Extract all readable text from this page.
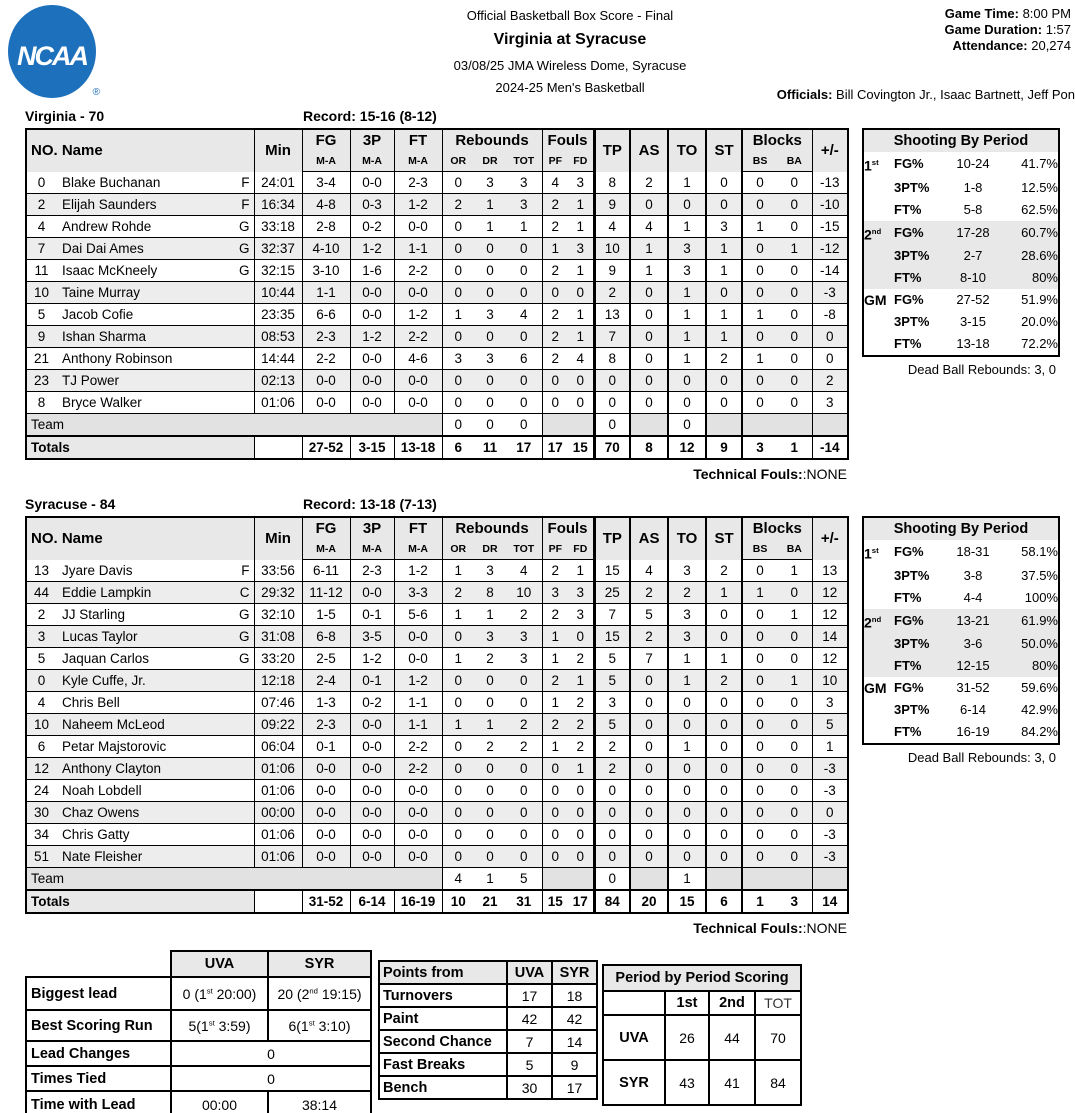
NCAA
®
Official Basketball Box Score - Final
Virginia at Syracuse
03/08/25 JMA Wireless Dome, Syracuse
2024-25 Men's Basketball
Game Time: 8:00 PM
Game Duration: 1:57
Attendance: 20,274
Officials: Bill Covington Jr., Isaac Bartnett, Jeff Pon
Virginia - 70	Record: 15-16 (8-12)
NO. Name		Min	FG	3P	FT	Rebounds			Fouls		TP	AS	TO	ST	Blocks		+/-
			M-A	M-A	M-A	OR	DR	TOT	PF	FD					BS	BA	
0	Blake Buchanan F	24:01	3-4	0-0	2-3	0	3	3	4	3	8	2	1	0	0	0	-13
2	Elijah Saunders F	16:34	4-8	0-3	1-2	2	1	3	2	1	9	0	0	0	0	0	-10
4	Andrew Rohde G	33:18	2-8	0-2	0-0	0	1	1	2	1	4	4	1	3	1	0	-15
7	Dai Dai Ames G	32:37	4-10	1-2	1-1	0	0	0	1	3	10	1	3	1	0	1	-12
11	Isaac McKneely G	32:15	3-10	1-6	2-2	0	0	0	2	1	9	1	3	1	0	0	-14
10	Taine Murray	10:44	1-1	0-0	0-0	0	0	0	0	0	2	0	1	0	0	0	-3
5	Jacob Cofie	23:35	6-6	0-0	1-2	1	3	4	2	1	13	0	1	1	1	0	-8
9	Ishan Sharma	08:53	2-3	1-2	2-2	0	0	0	2	1	7	0	1	1	0	0	0
21	Anthony Robinson	14:44	2-2	0-0	4-6	3	3	6	2	4	8	0	1	2	1	0	0
23	TJ Power	02:13	0-0	0-0	0-0	0	0	0	0	0	0	0	0	0	0	0	2
8	Bryce Walker	01:06	0-0	0-0	0-0	0	0	0	0	0	0	0	0	0	0	0	3
Team						0	0	0			0		0				
Totals			27-52	3-15	13-18	6	11	17	17	15	70	8	12	9	3	1	-14
Technical Fouls::NONE
Shooting By Period
1st	FG%	10-24	41.7%
	3PT%	1-8	12.5%
	FT%	5-8	62.5%
2nd	FG%	17-28	60.7%
	3PT%	2-7	28.6%
	FT%	8-10	80%
GM	FG%	27-52	51.9%
	3PT%	3-15	20.0%
	FT%	13-18	72.2%
Dead Ball Rebounds: 3, 0
Syracuse - 84	Record: 13-18 (7-13)
NO. Name		Min	FG	3P	FT	Rebounds			Fouls		TP	AS	TO	ST	Blocks		+/-
			M-A	M-A	M-A	OR	DR	TOT	PF	FD					BS	BA	
13	Jyare Davis F	33:56	6-11	2-3	1-2	1	3	4	2	1	15	4	3	2	0	1	13
44	Eddie Lampkin C	29:32	11-12	0-0	3-3	2	8	10	3	3	25	2	2	1	1	0	12
2	JJ Starling G	32:10	1-5	0-1	5-6	1	1	2	2	3	7	5	3	0	0	1	12
3	Lucas Taylor G	31:08	6-8	3-5	0-0	0	3	3	1	0	15	2	3	0	0	0	14
5	Jaquan Carlos G	33:20	2-5	1-2	0-0	1	2	3	1	2	5	7	1	1	0	0	12
0	Kyle Cuffe, Jr.	12:18	2-4	0-1	1-2	0	0	0	2	1	5	0	1	2	0	1	10
4	Chris Bell	07:46	1-3	0-2	1-1	0	0	0	1	2	3	0	0	0	0	0	3
10	Naheem McLeod	09:22	2-3	0-0	1-1	1	1	2	2	2	5	0	0	0	0	0	5
6	Petar Majstorovic	06:04	0-1	0-0	2-2	0	2	2	1	2	2	0	1	0	0	0	1
12	Anthony Clayton	01:06	0-0	0-0	2-2	0	0	0	0	1	2	0	0	0	0	0	-3
24	Noah Lobdell	01:06	0-0	0-0	0-0	0	0	0	0	0	0	0	0	0	0	0	-3
30	Chaz Owens	00:00	0-0	0-0	0-0	0	0	0	0	0	0	0	0	0	0	0	0
34	Chris Gatty	01:06	0-0	0-0	0-0	0	0	0	0	0	0	0	0	0	0	0	-3
51	Nate Fleisher	01:06	0-0	0-0	0-0	0	0	0	0	0	0	0	0	0	0	0	-3
Team						4	1	5			0		1				
Totals			31-52	6-14	16-19	10	21	31	15	17	84	20	15	6	1	3	14
Technical Fouls::NONE
Shooting By Period
1st	FG%	18-31	58.1%
	3PT%	3-8	37.5%
	FT%	4-4	100%
2nd	FG%	13-21	61.9%
	3PT%	3-6	50.0%
	FT%	12-15	80%
GM	FG%	31-52	59.6%
	3PT%	6-14	42.9%
	FT%	16-19	84.2%
Dead Ball Rebounds: 3, 0
	UVA	SYR
Biggest lead	0 (1st 20:00)	20 (2nd 19:15)
Best Scoring Run	5(1st 3:59)	6(1st 3:10)
Lead Changes	0	
Times Tied	0	
Time with Lead	00:00	38:14
Points from	UVA	SYR
Turnovers	17	18
Paint	42	42
Second Chance	7	14
Fast Breaks	5	9
Bench	30	17
Period by Period Scoring			
	1st	2nd	TOT
UVA	26	44	70
SYR	43	41	84
